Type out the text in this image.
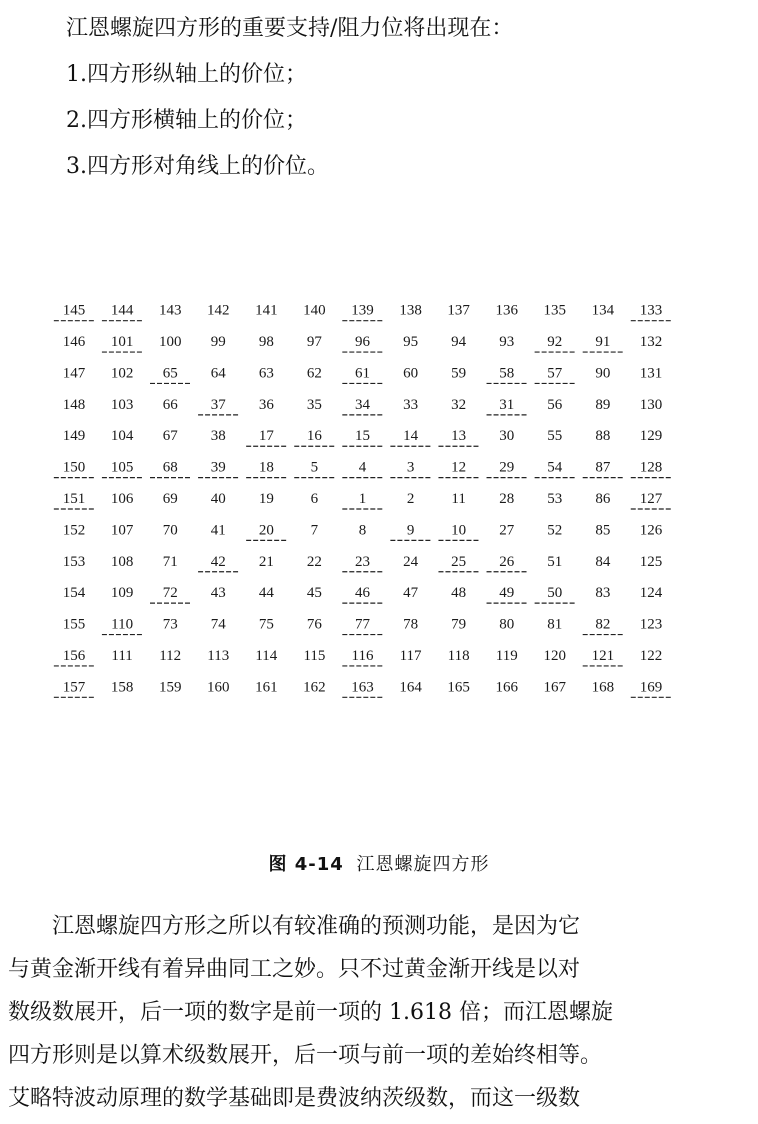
江恩螺旋四方形的重要支持/阻力位将出现在：

1.四方形纵轴上的价位；

2.四方形横轴上的价位；

3.四方形对角线上的价位。

145 144 143 142 141 140 139 138 137 136 135 134 133
146 101 100 99 98 97 96 95 94 93 92 91 132
147 102 65 64 63 62 61 60 59 58 57 90 131
148 103 66 37 36 35 34 33 32 31 56 89 130
149 104 67 38 17 16 15 14 13 30 55 88 129
150 105 68 39 18 5	4	3 12 29 54 87 128
151 106 69 40 19 6	1	2 11 28 53 86 127
152 107 70 41 20 7	8	9 10 27 52 85 126
153 108 71 42 21 22 23 24 25 26 51 84 125
154 109 72 43 44 45 46 47 48 49 50 83 124
155 110 73 74 75 76 77 78 79 80 81 82 123
156 111 112 113 114 115 116 117 118 119 120 121 122
157 158 159 160 161 162 163 164 165 166 167 168 169
图 4-14 江恩螺旋四方形

江恩螺旋四方形之所以有较准确的预测功能，是因为它

与黄金渐开线有着异曲同工之妙。只不过黄金渐开线是以对

数级数展开，后一项的数字是前一项的 1.618 倍；而江恩螺旋

四方形则是以算术级数展开，后一项与前一项的差始终相等。

艾略特波动原理的数学基础即是费波纳茨级数，而这一级数
